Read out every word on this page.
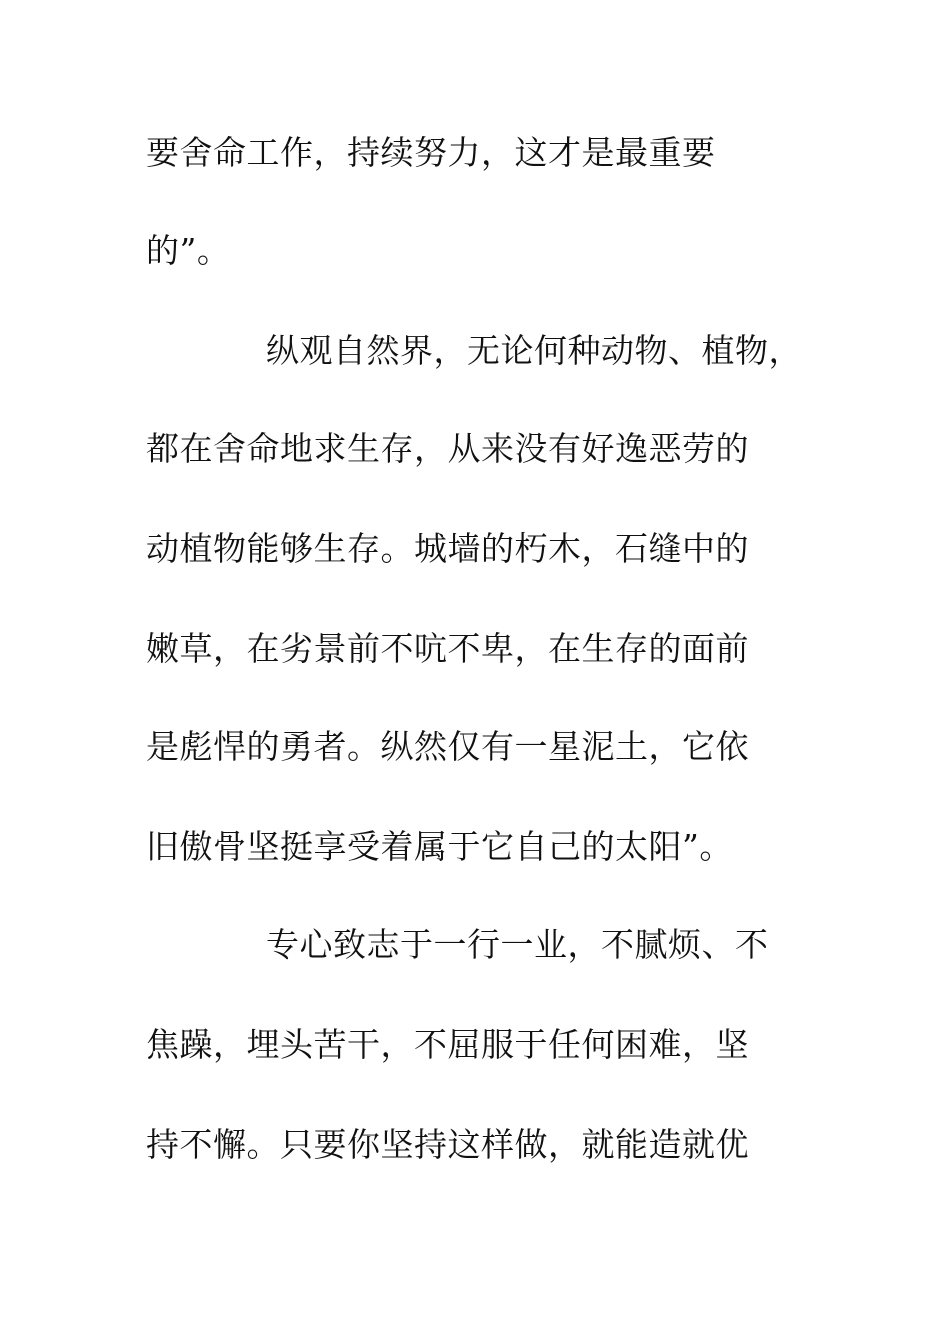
要舍命工作，持续努力，这才是最重要
的”。
纵观自然界，无论何种动物、植物，
都在舍命地求生存，从来没有好逸恶劳的
动植物能够生存。城墙的朽木，石缝中的
嫩草，在劣景前不吭不卑，在生存的面前
是彪悍的勇者。纵然仅有一星泥土，它依
旧傲骨坚挺享受着属于它自己的太阳”。
专心致志于一行一业，不腻烦、不
焦躁，埋头苦干，不屈服于任何困难，坚
持不懈。只要你坚持这样做，就能造就优
